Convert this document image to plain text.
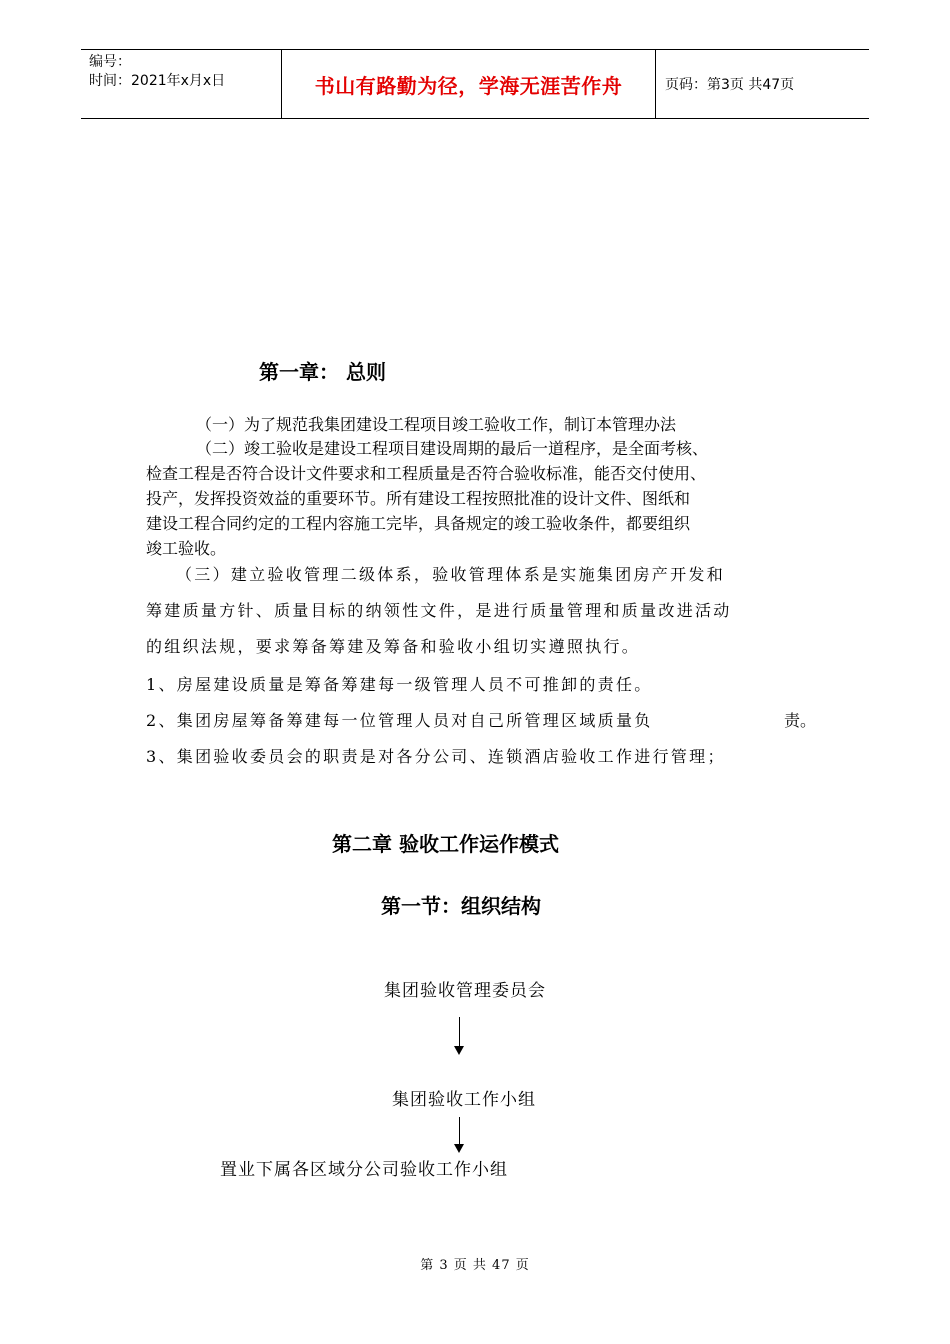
编号：
时间：2021年x月x日	书山有路勤为径，学海无涯苦作舟	页码：第3页 共47页
第一章： 总则
（一）为了规范我集团建设工程项目竣工验收工作，制订本管理办法
（二）竣工验收是建设工程项目建设周期的最后一道程序，是全面考核、
检查工程是否符合设计文件要求和工程质量是否符合验收标准，能否交付使用、
投产，发挥投资效益的重要环节。所有建设工程按照批准的设计文件、图纸和
建设工程合同约定的工程内容施工完毕，具备规定的竣工验收条件，都要组织
竣工验收。
（三）建立验收管理二级体系，验收管理体系是实施集团房产开发和
筹建质量方针、质量目标的纳领性文件，是进行质量管理和质量改进活动
的组织法规，要求筹备筹建及筹备和验收小组切实遵照执行。
1、房屋建设质量是筹备筹建每一级管理人员不可推卸的责任。
2、集团房屋筹备筹建每一位管理人员对自己所管理区域质量负	责。
3、集团验收委员会的职责是对各分公司、连锁酒店验收工作进行管理；
第二章 验收工作运作模式
第一节：组织结构
集团验收管理委员会
集团验收工作小组
置业下属各区域分公司验收工作小组
第 3 页 共 47 页
